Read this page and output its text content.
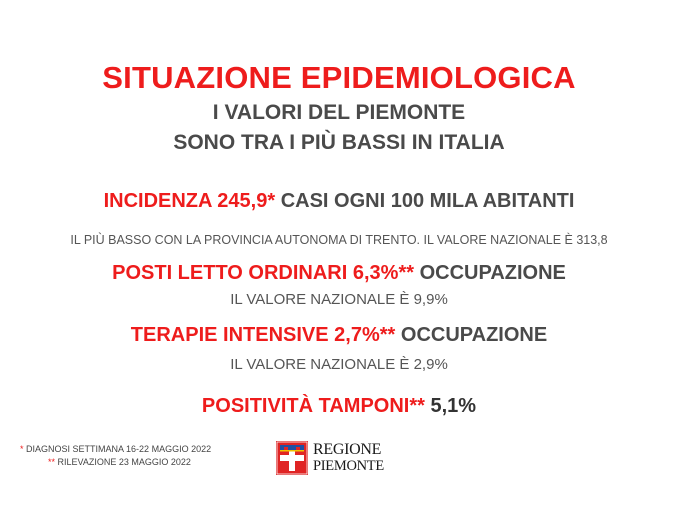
SITUAZIONE EPIDEMIOLOGICA
I VALORI DEL PIEMONTE
SONO TRA I PIÙ BASSI IN ITALIA
INCIDENZA 245,9* CASI OGNI 100 MILA ABITANTI
IL PIÙ BASSO CON LA PROVINCIA AUTONOMA DI TRENTO. IL VALORE NAZIONALE È 313,8
POSTI LETTO ORDINARI 6,3%** OCCUPAZIONE
IL VALORE NAZIONALE È 9,9%
TERAPIE INTENSIVE 2,7%** OCCUPAZIONE
IL VALORE NAZIONALE È 2,9%
POSITIVITÀ TAMPONI** 5,1%
* DIAGNOSI SETTIMANA 16-22 MAGGIO 2022
** RILEVAZIONE 23 MAGGIO 2022
REGIONE
PIEMONTE
